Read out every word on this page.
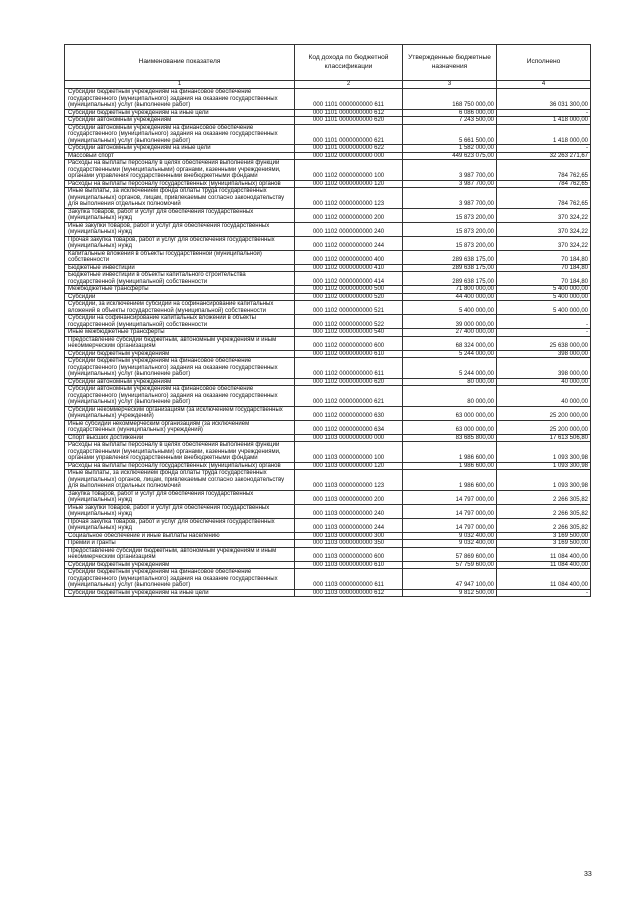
Наименование показателя	Код дохода по бюджетной классификации	Утвержденные бюджетные назначения	Исполнено
1	2	3	4
Субсидии бюджетным учреждениям на финансовое обеспечение государственного (муниципального) задания на оказание государственных (муниципальных) услуг (выполнение работ)	000 1101 0000000000 611	168 750 000,00	36 031 300,00
Субсидии бюджетным учреждениям на иные цели	000 1101 0000000000 612	6 086 000,00	-
Субсидии автономным учреждениям	000 1101 0000000000 620	7 243 500,00	1 418 000,00
Субсидии автономным учреждениям на финансовое обеспечение государственного (муниципального) задания на оказание государственных (муниципальных) услуг (выполнение работ)	000 1101 0000000000 621	5 661 500,00	1 418 000,00
Субсидии автономным учреждениям на иные цели	000 1101 0000000000 622	1 582 000,00	-
Массовый спорт	000 1102 0000000000 000	449 623 075,00	32 263 271,67
Расходы на выплаты персоналу в целях обеспечения выполнения функций государственными (муниципальными) органами, казенными учреждениями, органами управления государственными внебюджетными фондами	000 1102 0000000000 100	3 987 700,00	784 762,65
Расходы на выплаты персоналу государственных (муниципальных) органов	000 1102 0000000000 120	3 987 700,00	784 762,65
Иные выплаты, за исключением фонда оплаты труда государственных (муниципальных) органов, лицам, привлекаемым согласно законодательству для выполнения отдельных полномочий	000 1102 0000000000 123	3 987 700,00	784 762,65
Закупка товаров, работ и услуг для обеспечения государственных (муниципальных) нужд	000 1102 0000000000 200	15 873 200,00	370 324,22
Иные закупки товаров, работ и услуг для обеспечения государственных (муниципальных) нужд	000 1102 0000000000 240	15 873 200,00	370 324,22
Прочая закупка товаров, работ и услуг для обеспечения государственных (муниципальных) нужд	000 1102 0000000000 244	15 873 200,00	370 324,22
Капитальные вложения в объекты государственной (муниципальной) собственности	000 1102 0000000000 400	289 638 175,00	70 184,80
Бюджетные инвестиции	000 1102 0000000000 410	289 638 175,00	70 184,80
Бюджетные инвестиции в объекты капитального строительства государственной (муниципальной) собственности	000 1102 0000000000 414	289 638 175,00	70 184,80
Межбюджетные трансферты	000 1102 0000000000 500	71 800 000,00	5 400 000,00
Субсидии	000 1102 0000000000 520	44 400 000,00	5 400 000,00
Субсидии, за исключением субсидий на софинансирование капитальных вложений в объекты государственной (муниципальной) собственности	000 1102 0000000000 521	5 400 000,00	5 400 000,00
Субсидии на софинансирование капитальных вложений в объекты государственной (муниципальной) собственности	000 1102 0000000000 522	39 000 000,00	-
Иные межбюджетные трансферты	000 1102 0000000000 540	27 400 000,00	-
Предоставление субсидий бюджетным, автономным учреждениям и иным некоммерческим организациям	000 1102 0000000000 600	68 324 000,00	25 638 000,00
Субсидии бюджетным учреждениям	000 1102 0000000000 610	5 244 000,00	398 000,00
Субсидии бюджетным учреждениям на финансовое обеспечение государственного (муниципального) задания на оказание государственных (муниципальных) услуг (выполнение работ)	000 1102 0000000000 611	5 244 000,00	398 000,00
Субсидии автономным учреждениям	000 1102 0000000000 620	80 000,00	40 000,00
Субсидии автономным учреждениям на финансовое обеспечение государственного (муниципального) задания на оказание государственных (муниципальных) услуг (выполнение работ)	000 1102 0000000000 621	80 000,00	40 000,00
Субсидии некоммерческим организациям (за исключением государственных (муниципальных) учреждений)	000 1102 0000000000 630	63 000 000,00	25 200 000,00
Иные субсидии некоммерческим организациям (за исключением государственных (муниципальных) учреждений)	000 1102 0000000000 634	63 000 000,00	25 200 000,00
Спорт высших достижений	000 1103 0000000000 000	83 685 800,00	17 613 506,80
Расходы на выплаты персоналу в целях обеспечения выполнения функций государственными (муниципальными) органами, казенными учреждениями, органами управления государственными внебюджетными фондами	000 1103 0000000000 100	1 986 600,00	1 093 300,98
Расходы на выплаты персоналу государственных (муниципальных) органов	000 1103 0000000000 120	1 986 600,00	1 093 300,98
Иные выплаты, за исключением фонда оплаты труда государственных (муниципальных) органов, лицам, привлекаемым согласно законодательству для выполнения отдельных полномочий	000 1103 0000000000 123	1 986 600,00	1 093 300,98
Закупка товаров, работ и услуг для обеспечения государственных (муниципальных) нужд	000 1103 0000000000 200	14 797 000,00	2 266 305,82
Иные закупки товаров, работ и услуг для обеспечения государственных (муниципальных) нужд	000 1103 0000000000 240	14 797 000,00	2 266 305,82
Прочая закупка товаров, работ и услуг для обеспечения государственных (муниципальных) нужд	000 1103 0000000000 244	14 797 000,00	2 266 305,82
Социальное обеспечение и иные выплаты населению	000 1103 0000000000 300	9 032 400,00	3 169 500,00
Премии и гранты	000 1103 0000000000 350	9 032 400,00	3 169 500,00
Предоставление субсидий бюджетным, автономным учреждениям и иным некоммерческим организациям	000 1103 0000000000 600	57 869 600,00	11 084 400,00
Субсидии бюджетным учреждениям	000 1103 0000000000 610	57 759 600,00	11 084 400,00
Субсидии бюджетным учреждениям на финансовое обеспечение государственного (муниципального) задания на оказание государственных (муниципальных) услуг (выполнение работ)	000 1103 0000000000 611	47 947 100,00	11 084 400,00
Субсидии бюджетным учреждениям на иные цели	000 1103 0000000000 612	9 812 500,00	-
33
